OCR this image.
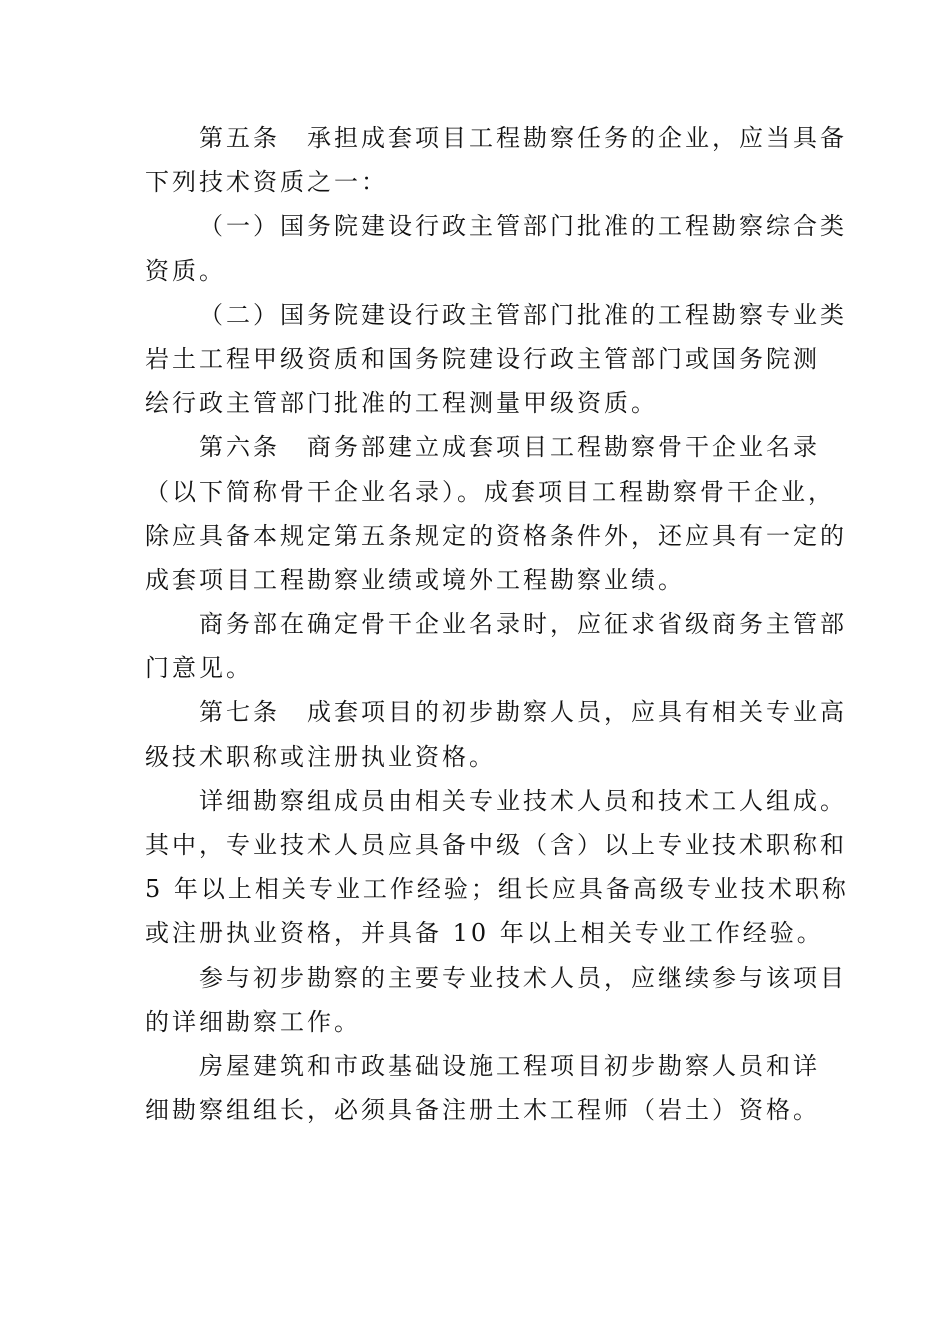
第五条　承担成套项目工程勘察任务的企业，应当具备
下列技术资质之一：
（一）国务院建设行政主管部门批准的工程勘察综合类
资质。
（二）国务院建设行政主管部门批准的工程勘察专业类
岩土工程甲级资质和国务院建设行政主管部门或国务院测
绘行政主管部门批准的工程测量甲级资质。
第六条　商务部建立成套项目工程勘察骨干企业名录
（以下简称骨干企业名录）。成套项目工程勘察骨干企业，
除应具备本规定第五条规定的资格条件外，还应具有一定的
成套项目工程勘察业绩或境外工程勘察业绩。
商务部在确定骨干企业名录时，应征求省级商务主管部
门意见。
第七条　成套项目的初步勘察人员，应具有相关专业高
级技术职称或注册执业资格。
详细勘察组成员由相关专业技术人员和技术工人组成。
其中，专业技术人员应具备中级（含）以上专业技术职称和
5 年以上相关专业工作经验；组长应具备高级专业技术职称
或注册执业资格，并具备 10 年以上相关专业工作经验。
参与初步勘察的主要专业技术人员，应继续参与该项目
的详细勘察工作。
房屋建筑和市政基础设施工程项目初步勘察人员和详
细勘察组组长，必须具备注册土木工程师（岩土）资格。
